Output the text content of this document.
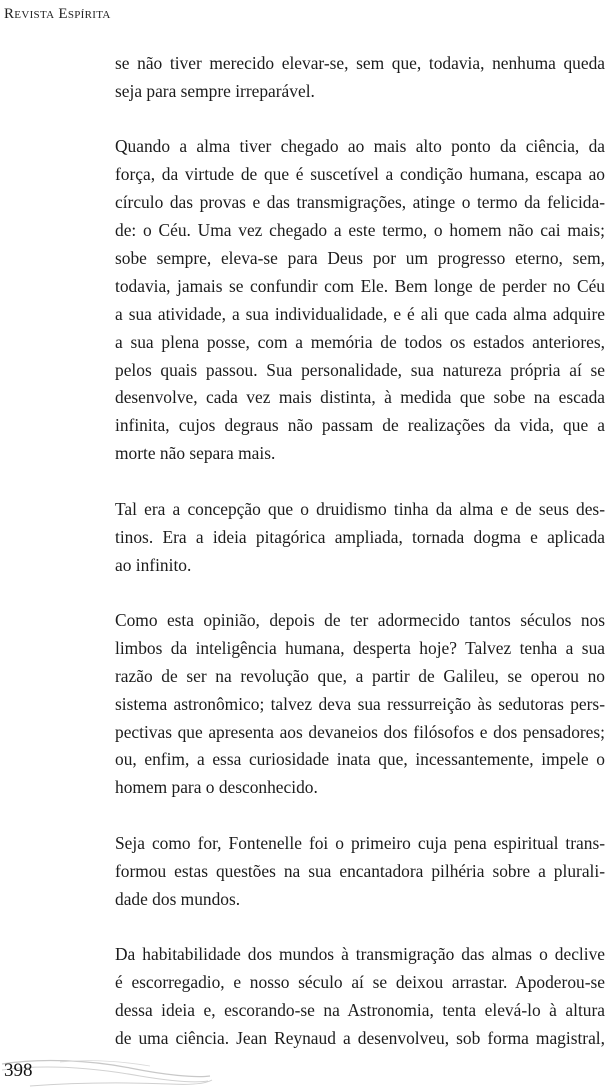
Revista Espírita

se não tiver merecido elevar-se, sem que, todavia, nenhuma queda
seja para sempre irreparável.

Quando a alma tiver chegado ao mais alto ponto da ciência, da
força, da virtude de que é suscetível a condição humana, escapa ao
círculo das provas e das transmigrações, atinge o termo da felicida-
de: o Céu. Uma vez chegado a este termo, o homem não cai mais;
sobe sempre, eleva-se para Deus por um progresso eterno, sem,
todavia, jamais se confundir com Ele. Bem longe de perder no Céu
a sua atividade, a sua individualidade, e é ali que cada alma adquire
a sua plena posse, com a memória de todos os estados anteriores,
pelos quais passou. Sua personalidade, sua natureza própria aí se
desenvolve, cada vez mais distinta, à medida que sobe na escada
infinita, cujos degraus não passam de realizações da vida, que a
morte não separa mais.

Tal era a concepção que o druidismo tinha da alma e de seus des-
tinos. Era a ideia pitagórica ampliada, tornada dogma e aplicada
ao infinito.

Como esta opinião, depois de ter adormecido tantos séculos nos
limbos da inteligência humana, desperta hoje? Talvez tenha a sua
razão de ser na revolução que, a partir de Galileu, se operou no
sistema astronômico; talvez deva sua ressurreição às sedutoras pers-
pectivas que apresenta aos devaneios dos filósofos e dos pensadores;
ou, enfim, a essa curiosidade inata que, incessantemente, impele o
homem para o desconhecido.

Seja como for, Fontenelle foi o primeiro cuja pena espiritual trans-
formou estas questões na sua encantadora pilhéria sobre a plurali-
dade dos mundos.

Da habitabilidade dos mundos à transmigração das almas o declive
é escorregadio, e nosso século aí se deixou arrastar. Apoderou-se
dessa ideia e, escorando-se na Astronomia, tenta elevá-lo à altura
de uma ciência. Jean Reynaud a desenvolveu, sob forma magistral,

398
